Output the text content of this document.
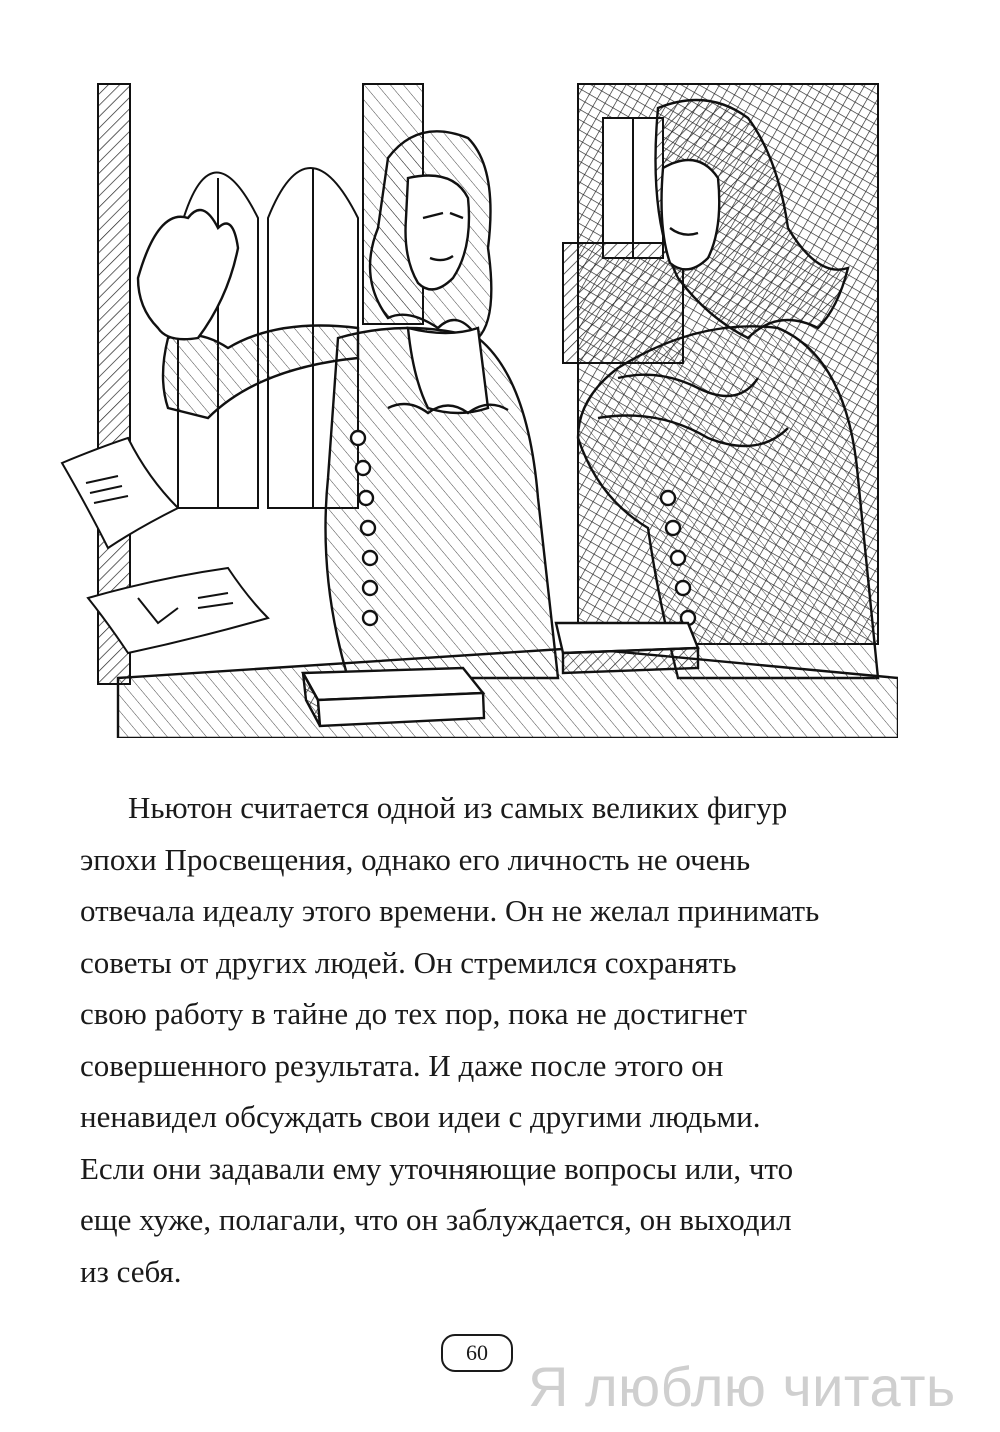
Ньютон считается одной из самых великих фигур
эпохи Просвещения, однако его личность не очень
отвечала идеалу этого времени. Он не желал принимать
советы от других людей. Он стремился сохранять
свою работу в тайне до тех пор, пока не достигнет
совершенного результата. И даже после этого он
ненавидел обсуждать свои идеи с другими людьми.
Если они задавали ему уточняющие вопросы или, что
еще хуже, полагали, что он заблуждается, он выходил
из себя.
60
Я люблю читать
